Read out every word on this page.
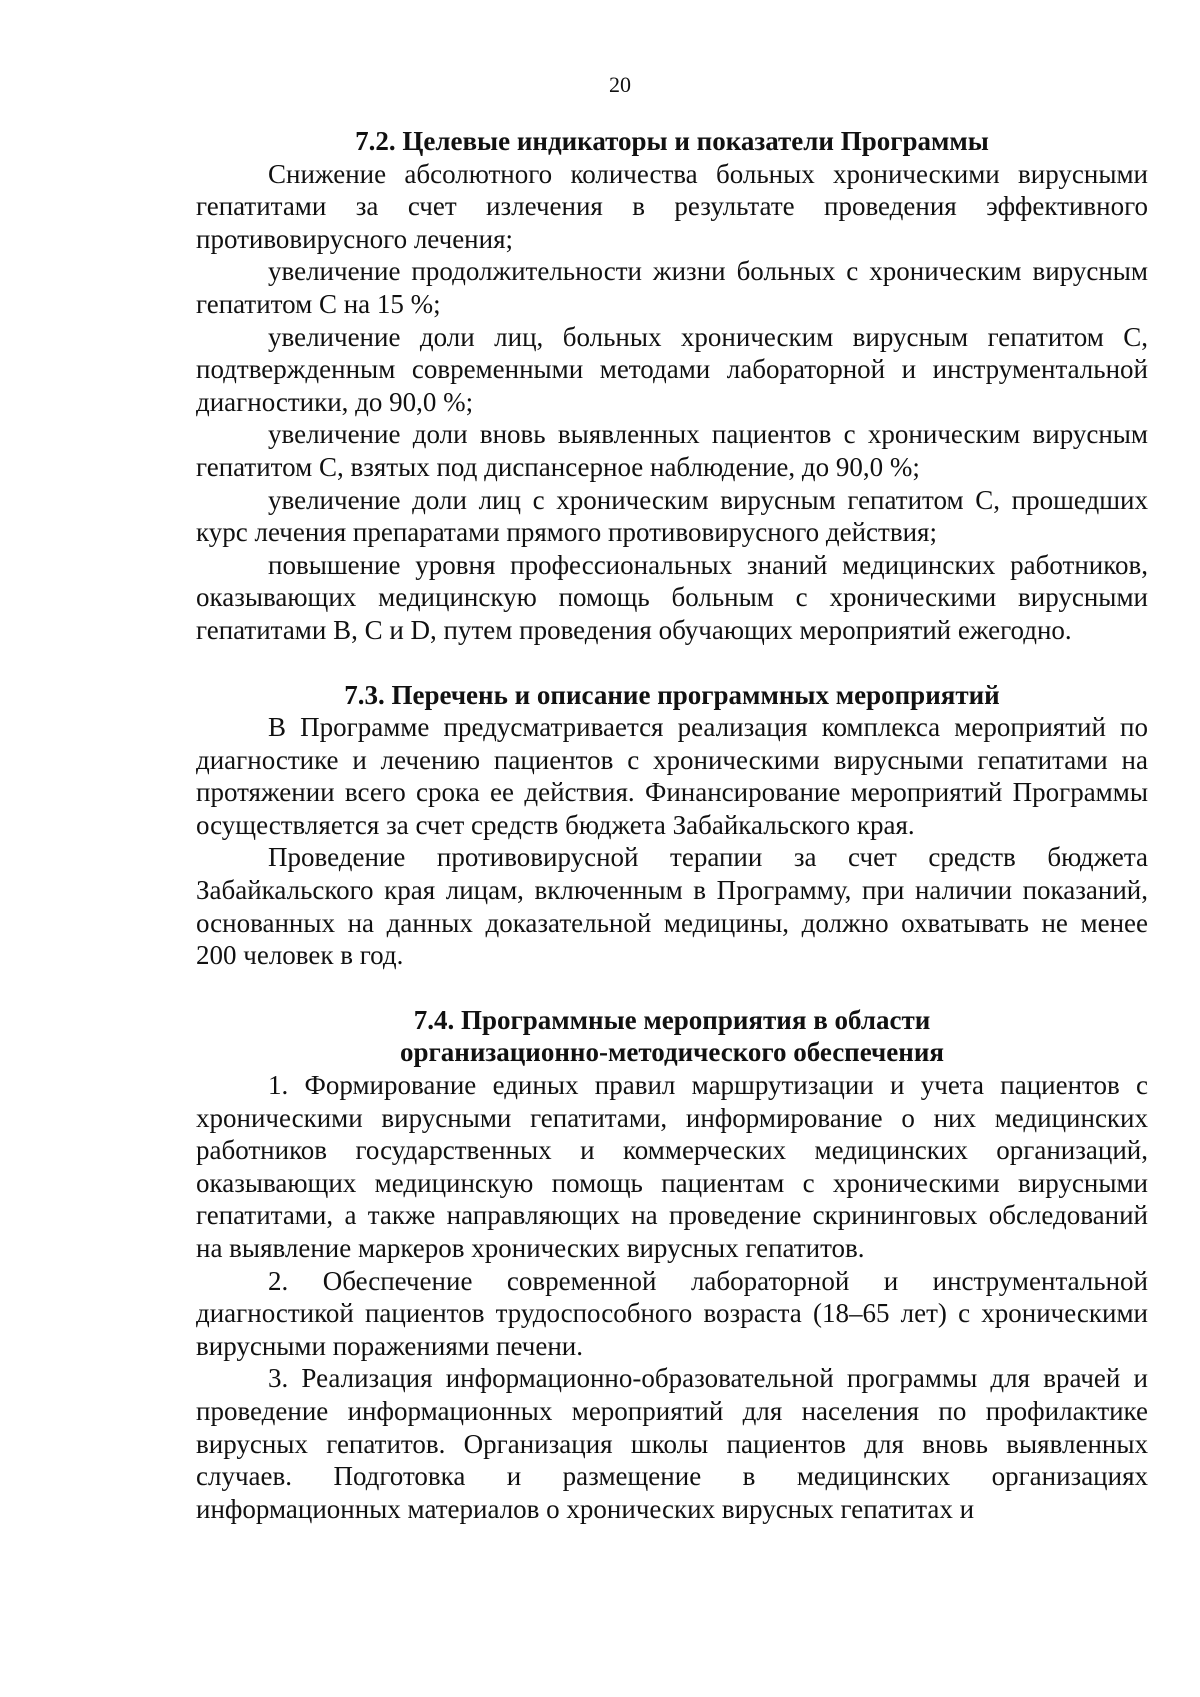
20
7.2. Целевые индикаторы и показатели Программы

Снижение абсолютного количества больных хроническими вирусными гепатитами за счет излечения в результате проведения эффективного противовирусного лечения;

увеличение продолжительности жизни больных с хроническим вирусным гепатитом С на 15 %;

увеличение доли лиц, больных хроническим вирусным гепатитом С, подтвержденным современными методами лабораторной и инструментальной диагностики, до 90,0 %;

увеличение доли вновь выявленных пациентов с хроническим вирусным гепатитом С, взятых под диспансерное наблюдение, до 90,0 %;

увеличение доли лиц с хроническим вирусным гепатитом С, прошедших курс лечения препаратами прямого противовирусного действия;

повышение уровня профессиональных знаний медицинских работников, оказывающих медицинскую помощь больным с хроническими вирусными гепатитами В, С и D, путем проведения обучающих мероприятий ежегодно.

7.3. Перечень и описание программных мероприятий

В Программе предусматривается реализация комплекса мероприятий по диагностике и лечению пациентов с хроническими вирусными гепатитами на протяжении всего срока ее действия. Финансирование мероприятий Программы осуществляется за счет средств бюджета Забайкальского края.

Проведение противовирусной терапии за счет средств бюджета Забайкальского края лицам, включенным в Программу, при наличии показаний, основанных на данных доказательной медицины, должно охватывать не менее 200 человек в год.

7.4. Программные мероприятия в области
организационно-методического обеспечения

1. Формирование единых правил маршрутизации и учета пациентов с хроническими вирусными гепатитами, информирование о них медицинских работников государственных и коммерческих медицинских организаций, оказывающих медицинскую помощь пациентам с хроническими вирусными гепатитами, а также направляющих на проведение скрининговых обследований на выявление маркеров хронических вирусных гепатитов.

2. Обеспечение современной лабораторной и инструментальной диагностикой пациентов трудоспособного возраста (18–65 лет) с хроническими вирусными поражениями печени.

3. Реализация информационно-образовательной программы для врачей и проведение информационных мероприятий для населения по профилактике вирусных гепатитов. Организация школы пациентов для вновь выявленных случаев. Подготовка и размещение в медицинских организациях информационных материалов о хронических вирусных гепатитах и
